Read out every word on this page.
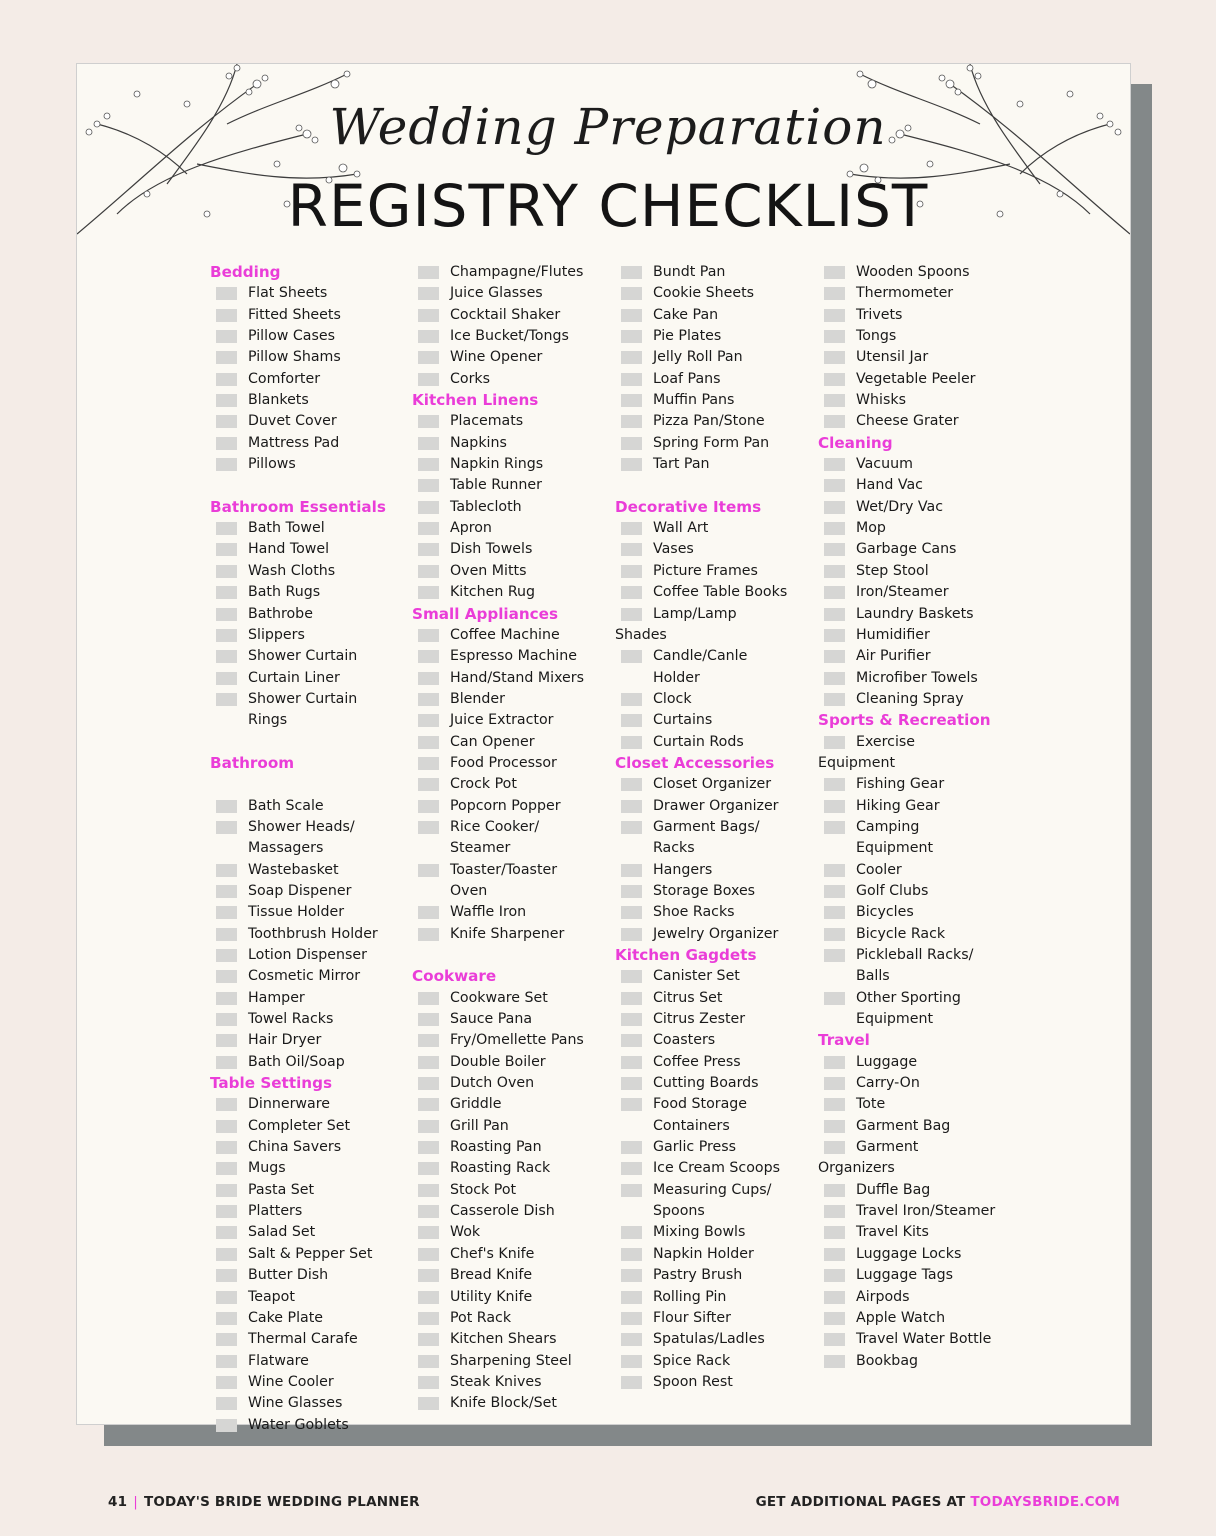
Wedding Preparation
REGISTRY CHECKLIST
Bedding
Flat Sheets
Fitted Sheets
Pillow Cases
Pillow Shams
Comforter
Blankets
Duvet Cover
Mattress Pad
Pillows
Bathroom Essentials
Bath Towel
Hand Towel
Wash Cloths
Bath Rugs
Bathrobe
Slippers
Shower Curtain
Curtain Liner
Shower Curtain
Rings
Bathroom
Bath Scale
Shower Heads/
Massagers
Wastebasket
Soap Dispener
Tissue Holder
Toothbrush Holder
Lotion Dispenser
Cosmetic Mirror
Hamper
Towel Racks
Hair Dryer
Bath Oil/Soap
Table Settings
Dinnerware
Completer Set
China Savers
Mugs
Pasta Set
Platters
Salad Set
Salt & Pepper Set
Butter Dish
Teapot
Cake Plate
Thermal Carafe
Flatware
Wine Cooler
Wine Glasses
Water Goblets
Champagne/Flutes
Juice Glasses
Cocktail Shaker
Ice Bucket/Tongs
Wine Opener
Corks
Kitchen Linens
Placemats
Napkins
Napkin Rings
Table Runner
Tablecloth
Apron
Dish Towels
Oven Mitts
Kitchen Rug
Small Appliances
Coffee Machine
Espresso Machine
Hand/Stand Mixers
Blender
Juice Extractor
Can Opener
Food Processor
Crock Pot
Popcorn Popper
Rice Cooker/
Steamer
Toaster/Toaster
Oven
Waffle Iron
Knife Sharpener
Cookware
Cookware Set
Sauce Pana
Fry/Omellette Pans
Double Boiler
Dutch Oven
Griddle
Grill Pan
Roasting Pan
Roasting Rack
Stock Pot
Casserole Dish
Wok
Chef's Knife
Bread Knife
Utility Knife
Pot Rack
Kitchen Shears
Sharpening Steel
Steak Knives
Knife Block/Set
Bundt Pan
Cookie Sheets
Cake Pan
Pie Plates
Jelly Roll Pan
Loaf Pans
Muffin Pans
Pizza Pan/Stone
Spring Form Pan
Tart Pan
Decorative Items
Wall Art
Vases
Picture Frames
Coffee Table Books
Lamp/Lamp
Shades
Candle/Canle
Holder
Clock
Curtains
Curtain Rods
Closet Accessories
Closet Organizer
Drawer Organizer
Garment Bags/
Racks
Hangers
Storage Boxes
Shoe Racks
Jewelry Organizer
Kitchen Gagdets
Canister Set
Citrus Set
Citrus Zester
Coasters
Coffee Press
Cutting Boards
Food Storage
Containers
Garlic Press
Ice Cream Scoops
Measuring Cups/
Spoons
Mixing Bowls
Napkin Holder
Pastry Brush
Rolling Pin
Flour Sifter
Spatulas/Ladles
Spice Rack
Spoon Rest
Wooden Spoons
Thermometer
Trivets
Tongs
Utensil Jar
Vegetable Peeler
Whisks
Cheese Grater
Cleaning
Vacuum
Hand Vac
Wet/Dry Vac
Mop
Garbage Cans
Step Stool
Iron/Steamer
Laundry Baskets
Humidifier
Air Purifier
Microfiber Towels
Cleaning Spray
Sports & Recreation
Exercise
Equipment
Fishing Gear
Hiking Gear
Camping
Equipment
Cooler
Golf Clubs
Bicycles
Bicycle Rack
Pickleball Racks/
Balls
Other Sporting
Equipment
Travel
Luggage
Carry-On
Tote
Garment Bag
Garment
Organizers
Duffle Bag
Travel Iron/Steamer
Travel Kits
Luggage Locks
Luggage Tags
Airpods
Apple Watch
Travel Water Bottle
Bookbag
41 | TODAY'S BRIDE WEDDING PLANNER	GET ADDITIONAL PAGES AT TODAYSBRIDE.COM
